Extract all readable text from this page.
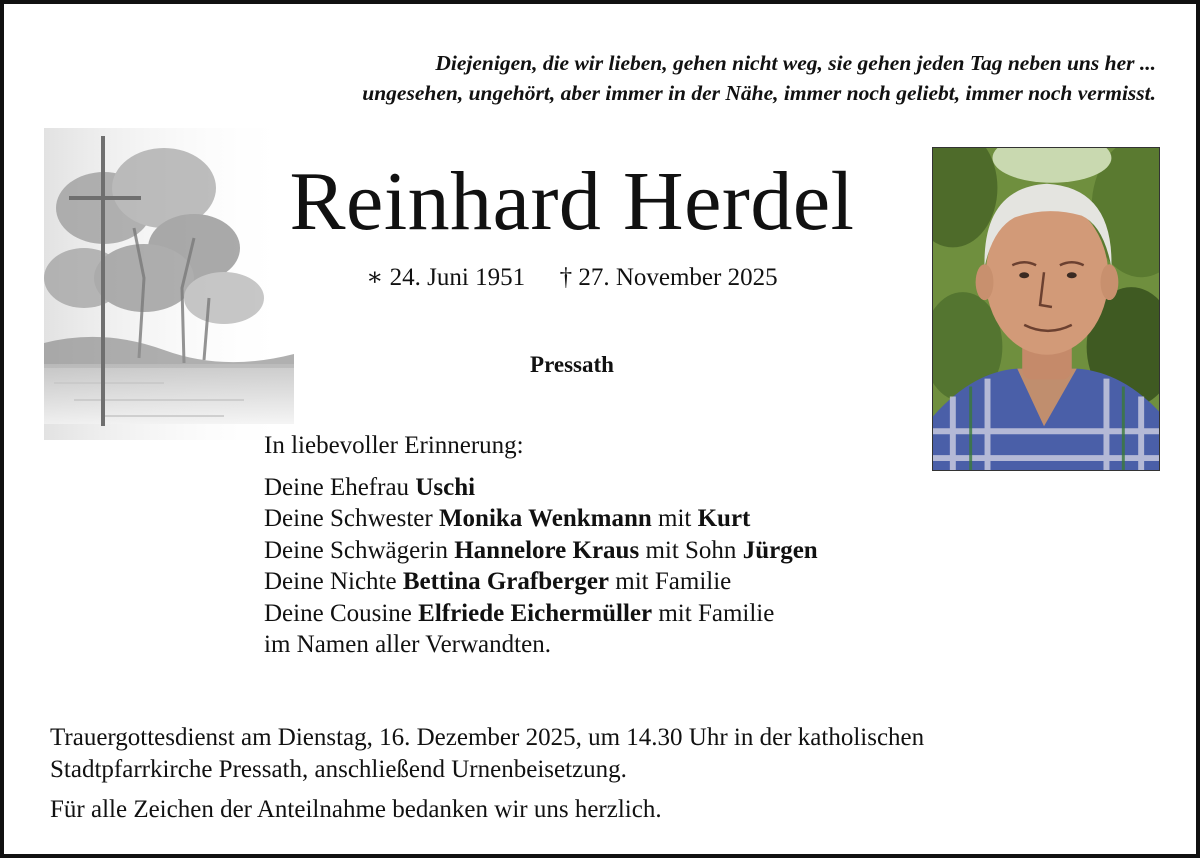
Diejenigen, die wir lieben, gehen nicht weg, sie gehen jeden Tag neben uns her ...
ungesehen, ungehört, aber immer in der Nähe, immer noch geliebt, immer noch vermisst.
Reinhard Herdel
∗ 24. Juni 1951 † 27. November 2025
Pressath
In liebevoller Erinnerung:
Deine Ehefrau Uschi
Deine Schwester Monika Wenkmann mit Kurt
Deine Schwägerin Hannelore Kraus mit Sohn Jürgen
Deine Nichte Bettina Grafberger mit Familie
Deine Cousine Elfriede Eichermüller mit Familie
im Namen aller Verwandten.

Trauergottesdienst am Dienstag, 16. Dezember 2025, um 14.30 Uhr in der katholischen

Stadtpfarrkirche Pressath, anschließend Urnenbeisetzung.

Für alle Zeichen der Anteilnahme bedanken wir uns herzlich.
